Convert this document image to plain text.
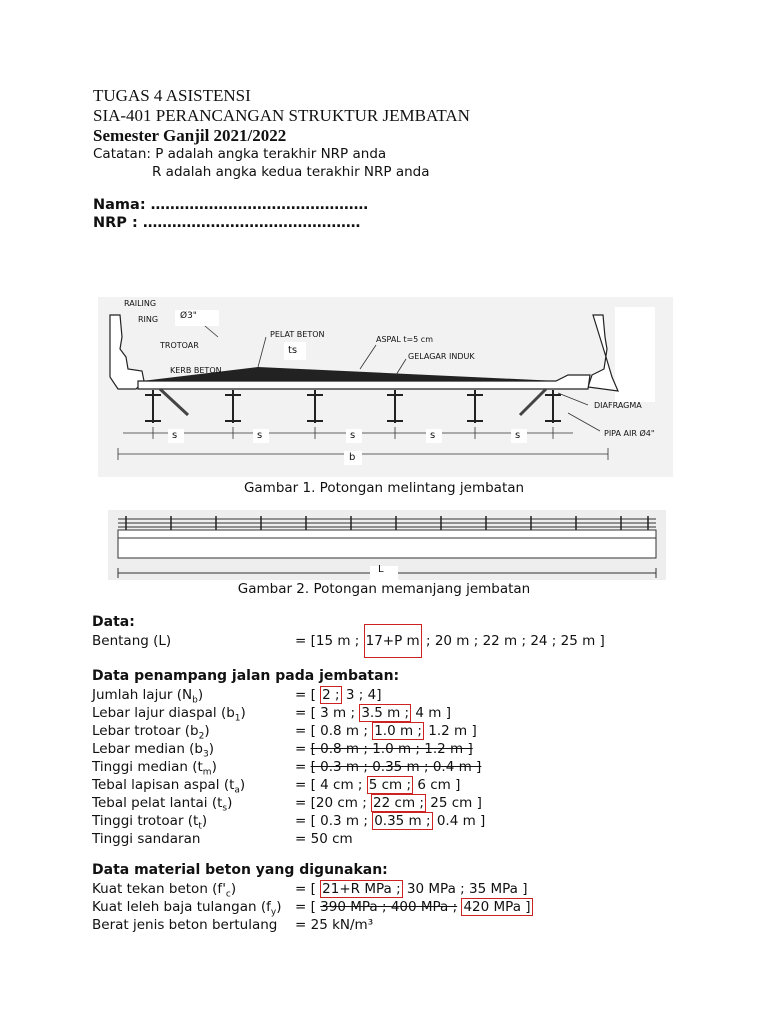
TUGAS 4 ASISTENSI
SIA-401 PERANCANGAN STRUKTUR JEMBATAN
Semester Ganjil 2021/2022
Catatan: P adalah angka terakhir NRP anda
R adalah angka kedua terakhir NRP anda
Nama: ………………………………………
NRP : ………………………………………
RAILING
RING Ø3"
PELAT BETON
ts
ASPAL t=5 cm
GELAGAR INDUK
TROTOAR
KERB BETON
DIAFRAGMA
PIPA AIR Ø4"
s	s	s	s	s
b
Gambar 1. Potongan melintang jembatan
L
Gambar 2. Potongan memanjang jembatan
Data:
Bentang (L)	= [15 m ; 17+P m ; 20 m ; 22 m ; 24 ; 25 m ]
Data penampang jalan pada jembatan:
Jumlah lajur $(N_b)$	= [ 2 ; 3 ; 4]
Lebar lajur diaspal $(b_1)$	= [ 3 m ; 3.5 m ; 4 m ]
Lebar trotoar $(b_2)$	= [ 0.8 m ; 1.0 m ; 1.2 m ]
Lebar median $(b_3)$	= [ 0.8 m ; 1.0 m ; 1.2 m ]
Tinggi median $(t_m)$	= [ 0.3 m ; 0.35 m ; 0.4 m ]
Tebal lapisan aspal $(t_a)$	= [ 4 cm ; 5 cm ; 6 cm ]
Tebal pelat lantai $(t_s)$	= [20 cm ; 22 cm ; 25 cm ]
Tinggi trotoar $(t_t)$	= [ 0.3 m ; 0.35 m ; 0.4 m ]
Tinggi sandaran	= 50 cm
Data material beton yang digunakan:
Kuat tekan beton $(f'_c)$	= [ 21+R MPa ; 30 MPa ; 35 MPa ]
Kuat leleh baja tulangan $(f_y)$ = [ 390 MPa ; 400 MPa ; 420 MPa ]
Berat jenis beton bertulang = 25 kN/m³
